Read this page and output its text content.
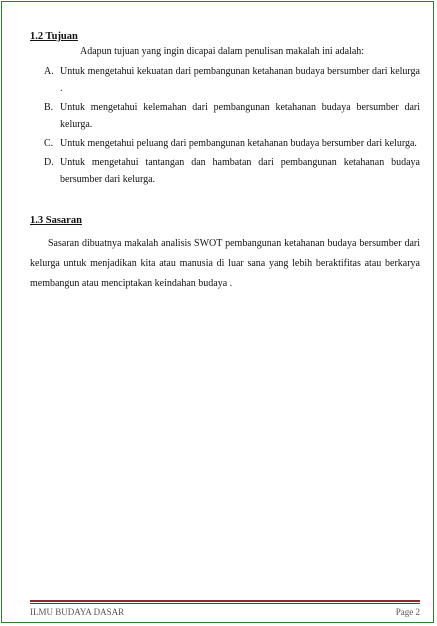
1.2 Tujuan

Adapun tujuan yang ingin dicapai dalam penulisan makalah ini adalah:

A. Untuk mengetahui kekuatan dari pembangunan ketahanan budaya bersumber dari kelurga .
B. Untuk mengetahui kelemahan dari pembangunan ketahanan budaya bersumber dari kelurga.
C. Untuk mengetahui peluang dari pembangunan ketahanan budaya bersumber dari kelurga.
D. Untuk mengetahui tantangan dan hambatan dari pembangunan ketahanan budaya bersumber dari kelurga.
1.3 Sasaran

Sasaran dibuatnya makalah analisis SWOT pembangunan ketahanan budaya bersumber dari kelurga untuk menjadikan kita atau manusia di luar sana yang lebih beraktifitas atau berkarya membangun atau menciptakan keindahan budaya .

ILMU BUDAYA DASAR	Page 2
